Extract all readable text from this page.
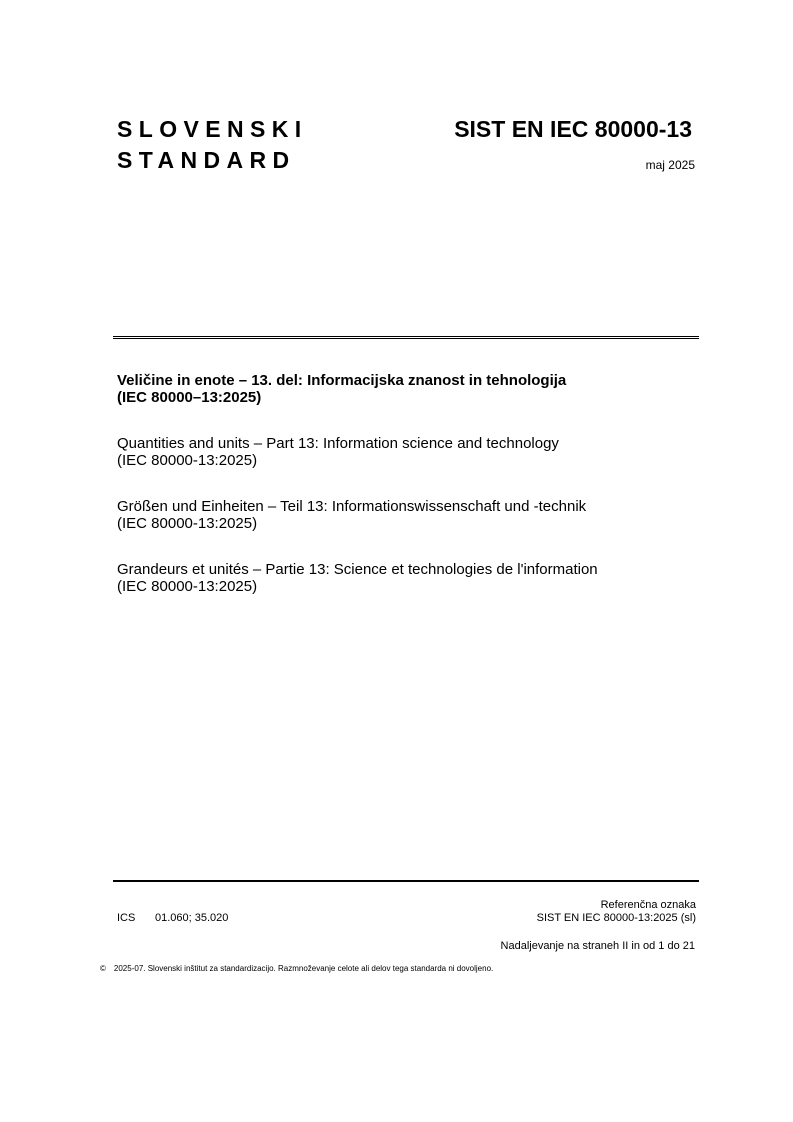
SLOVENSKI
STANDARD
SIST EN IEC 80000-13
maj 2025
Veličine in enote – 13. del: Informacijska znanost in tehnologija
(IEC 80000–13:2025)
Quantities and units – Part 13: Information science and technology
(IEC 80000-13:2025)
Größen und Einheiten – Teil 13: Informationswissenschaft und -technik
(IEC 80000-13:2025)
Grandeurs et unités – Partie 13: Science et technologies de l'information
(IEC 80000-13:2025)
ICS 01.060; 35.020
Referenčna oznaka
SIST EN IEC 80000-13:2025 (sl)
Nadaljevanje na straneh II in od 1 do 21
© 2025-07. Slovenski inštitut za standardizacijo. Razmnoževanje celote ali delov tega standarda ni dovoljeno.
